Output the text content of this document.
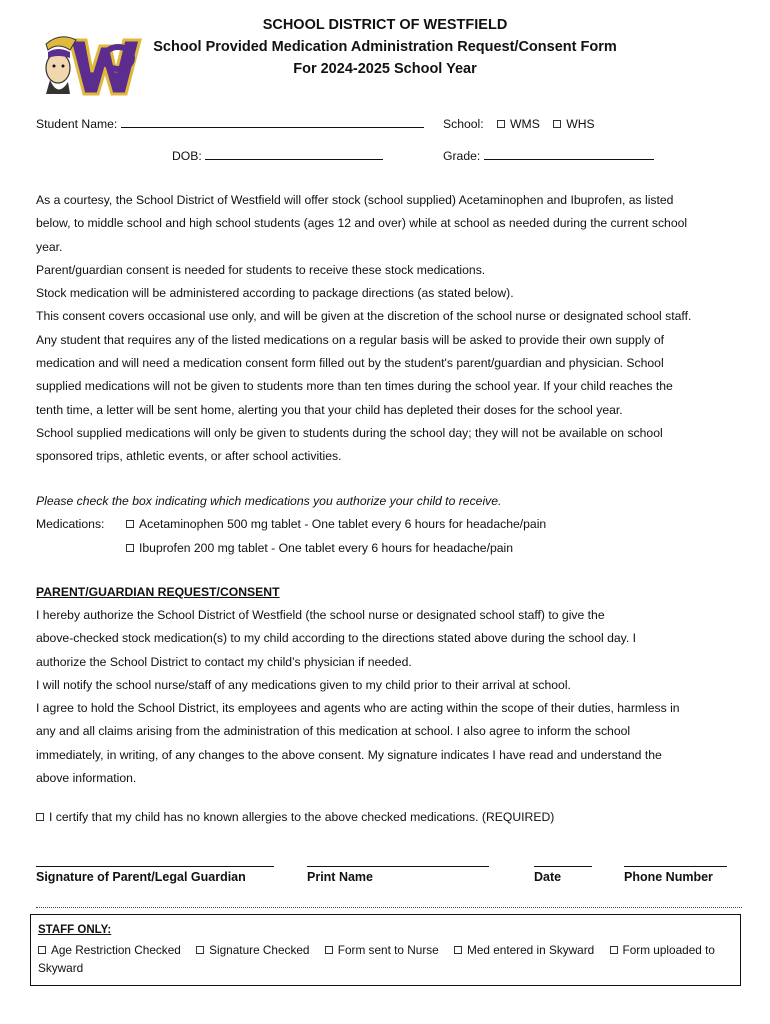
SCHOOL DISTRICT OF WESTFIELD
School Provided Medication Administration Request/Consent Form
For 2024-2025 School Year
Student Name:	School: WMS WHS
DOB:	Grade:
As a courtesy, the School District of Westfield will offer stock (school supplied) Acetaminophen and Ibuprofen, as listed
below, to middle school and high school students (ages 12 and over) while at school as needed during the current school
year.
Parent/guardian consent is needed for students to receive these stock medications.
Stock medication will be administered according to package directions (as stated below).
This consent covers occasional use only, and will be given at the discretion of the school nurse or designated school staff.
Any student that requires any of the listed medications on a regular basis will be asked to provide their own supply of
medication and will need a medication consent form filled out by the student's parent/guardian and physician. School
supplied medications will not be given to students more than ten times during the school year. If your child reaches the
tenth time, a letter will be sent home, alerting you that your child has depleted their doses for the school year.
School supplied medications will only be given to students during the school day; they will not be available on school
sponsored trips, athletic events, or after school activities.
Please check the box indicating which medications you authorize your child to receive.
Medications:	Acetaminophen 500 mg tablet - One tablet every 6 hours for headache/pain
Ibuprofen 200 mg tablet - One tablet every 6 hours for headache/pain
PARENT/GUARDIAN REQUEST/CONSENT
I hereby authorize the School District of Westfield (the school nurse or designated school staff) to give the
above-checked stock medication(s) to my child according to the directions stated above during the school day. I
authorize the School District to contact my child’s physician if needed.
I will notify the school nurse/staff of any medications given to my child prior to their arrival at school.
I agree to hold the School District, its employees and agents who are acting within the scope of their duties, harmless in
any and all claims arising from the administration of this medication at school. I also agree to inform the school
immediately, in writing, of any changes to the above consent. My signature indicates I have read and understand the
above information.
I certify that my child has no known allergies to the above checked medications. (REQUIRED)
Signature of Parent/Legal Guardian	Print Name	Date	Phone Number
STAFF ONLY:
Age Restriction Checked Signature Checked Form sent to Nurse Med entered in Skyward Form uploaded to
Skyward
